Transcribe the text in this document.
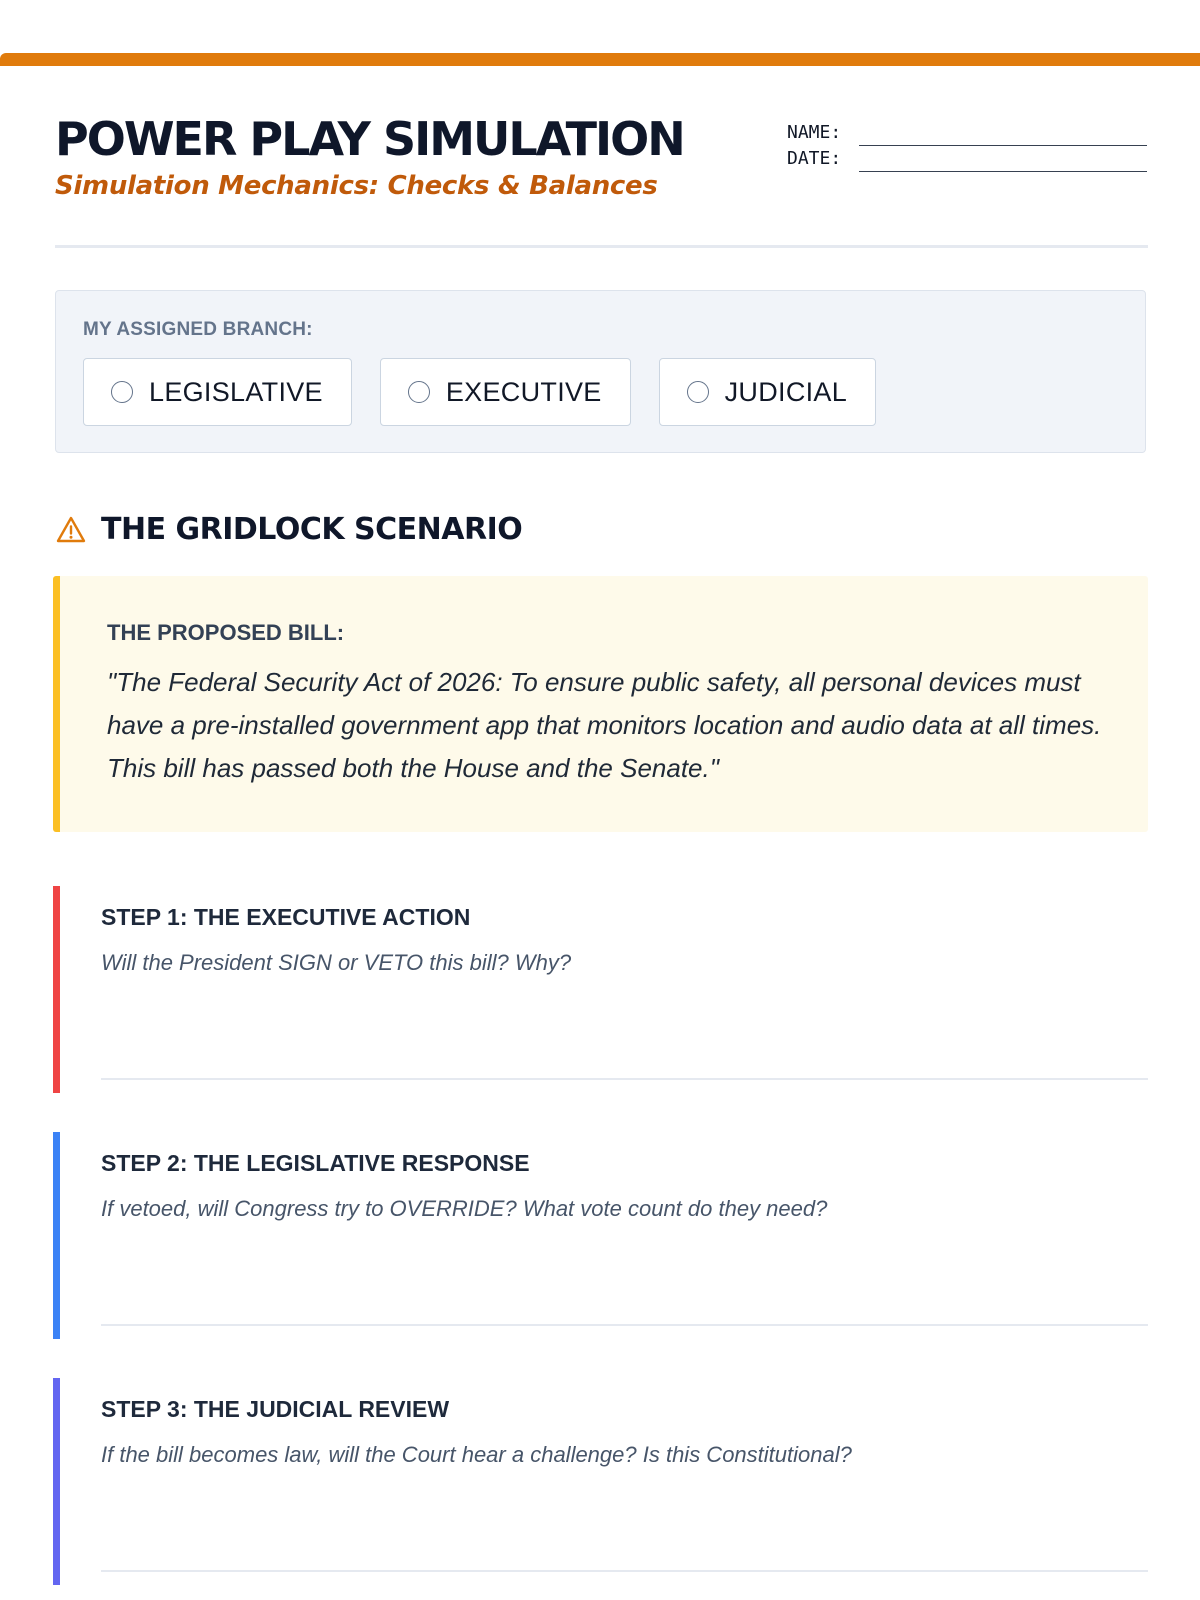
POWER PLAY SIMULATION

Simulation Mechanics: Checks & Balances

NAME:
DATE:
MY ASSIGNED BRANCH:
LEGISLATIVE	EXECUTIVE	JUDICIAL
THE GRIDLOCK SCENARIO
THE PROPOSED BILL:

"The Federal Security Act of 2026: To ensure public safety, all personal devices must have a pre-installed government app that monitors location and audio data at all times. This bill has passed both the House and the Senate."

STEP 1: THE EXECUTIVE ACTION

Will the President SIGN or VETO this bill? Why?

STEP 2: THE LEGISLATIVE RESPONSE

If vetoed, will Congress try to OVERRIDE? What vote count do they need?

STEP 3: THE JUDICIAL REVIEW

If the bill becomes law, will the Court hear a challenge? Is this Constitutional?
